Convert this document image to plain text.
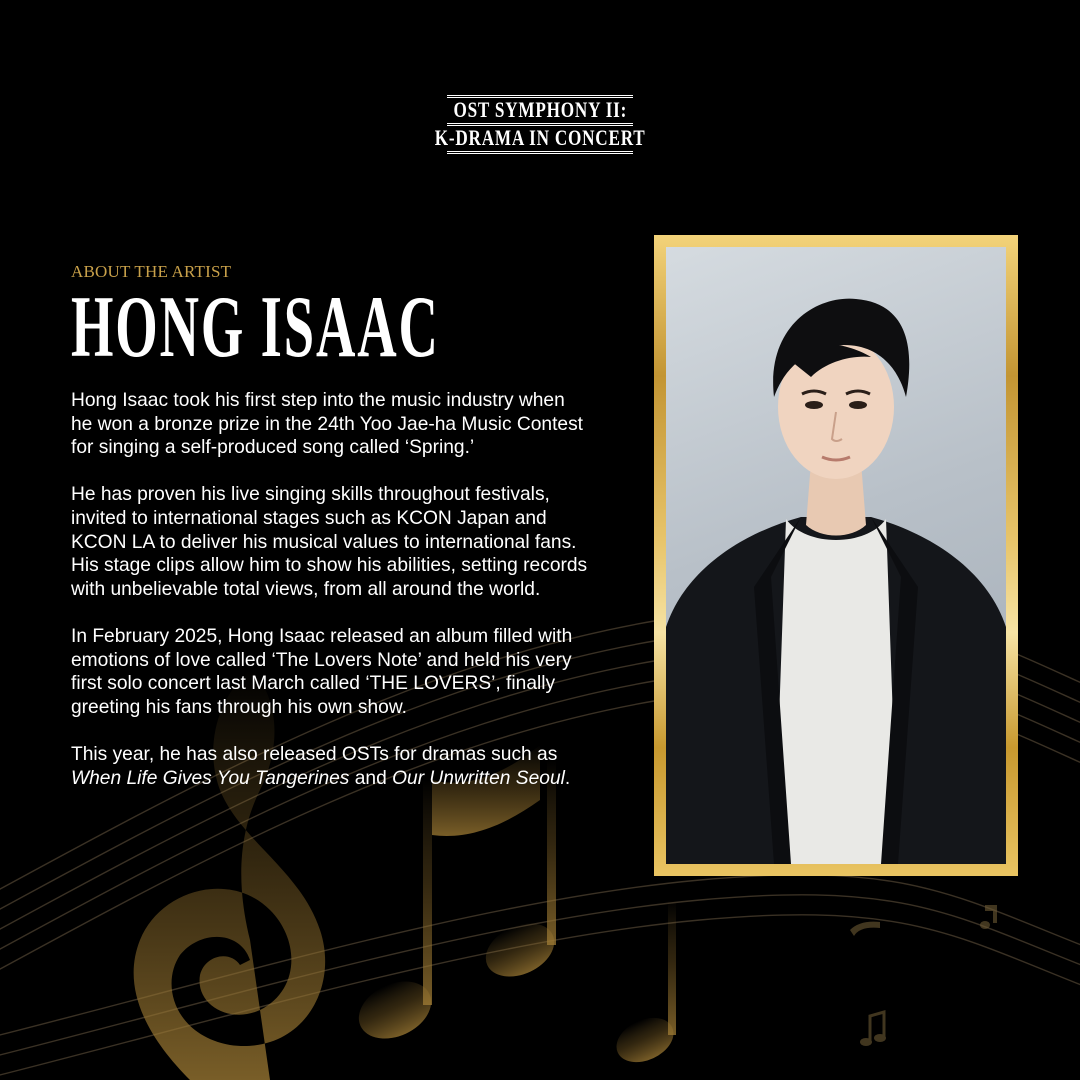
OST SYMPHONY II:
K-DRAMA IN CONCERT
ABOUT THE ARTIST
HONG ISAAC

Hong Isaac took his first step into the music industry when he won a bronze prize in the 24th Yoo Jae-ha Music Contest for singing a self-produced song called ‘Spring.’

He has proven his live singing skills throughout festivals, invited to international stages such as KCON Japan and KCON LA to deliver his musical values to international fans. His stage clips allow him to show his abilities, setting records with unbelievable total views, from all around the world.

In February 2025, Hong Isaac released an album filled with emotions of love called ‘The Lovers Note’ and held his very first solo concert last March called ‘THE LOVERS’, finally greeting his fans through his own show.

This year, he has also released OSTs for dramas such as When Life Gives You Tangerines and Our Unwritten Seoul.
